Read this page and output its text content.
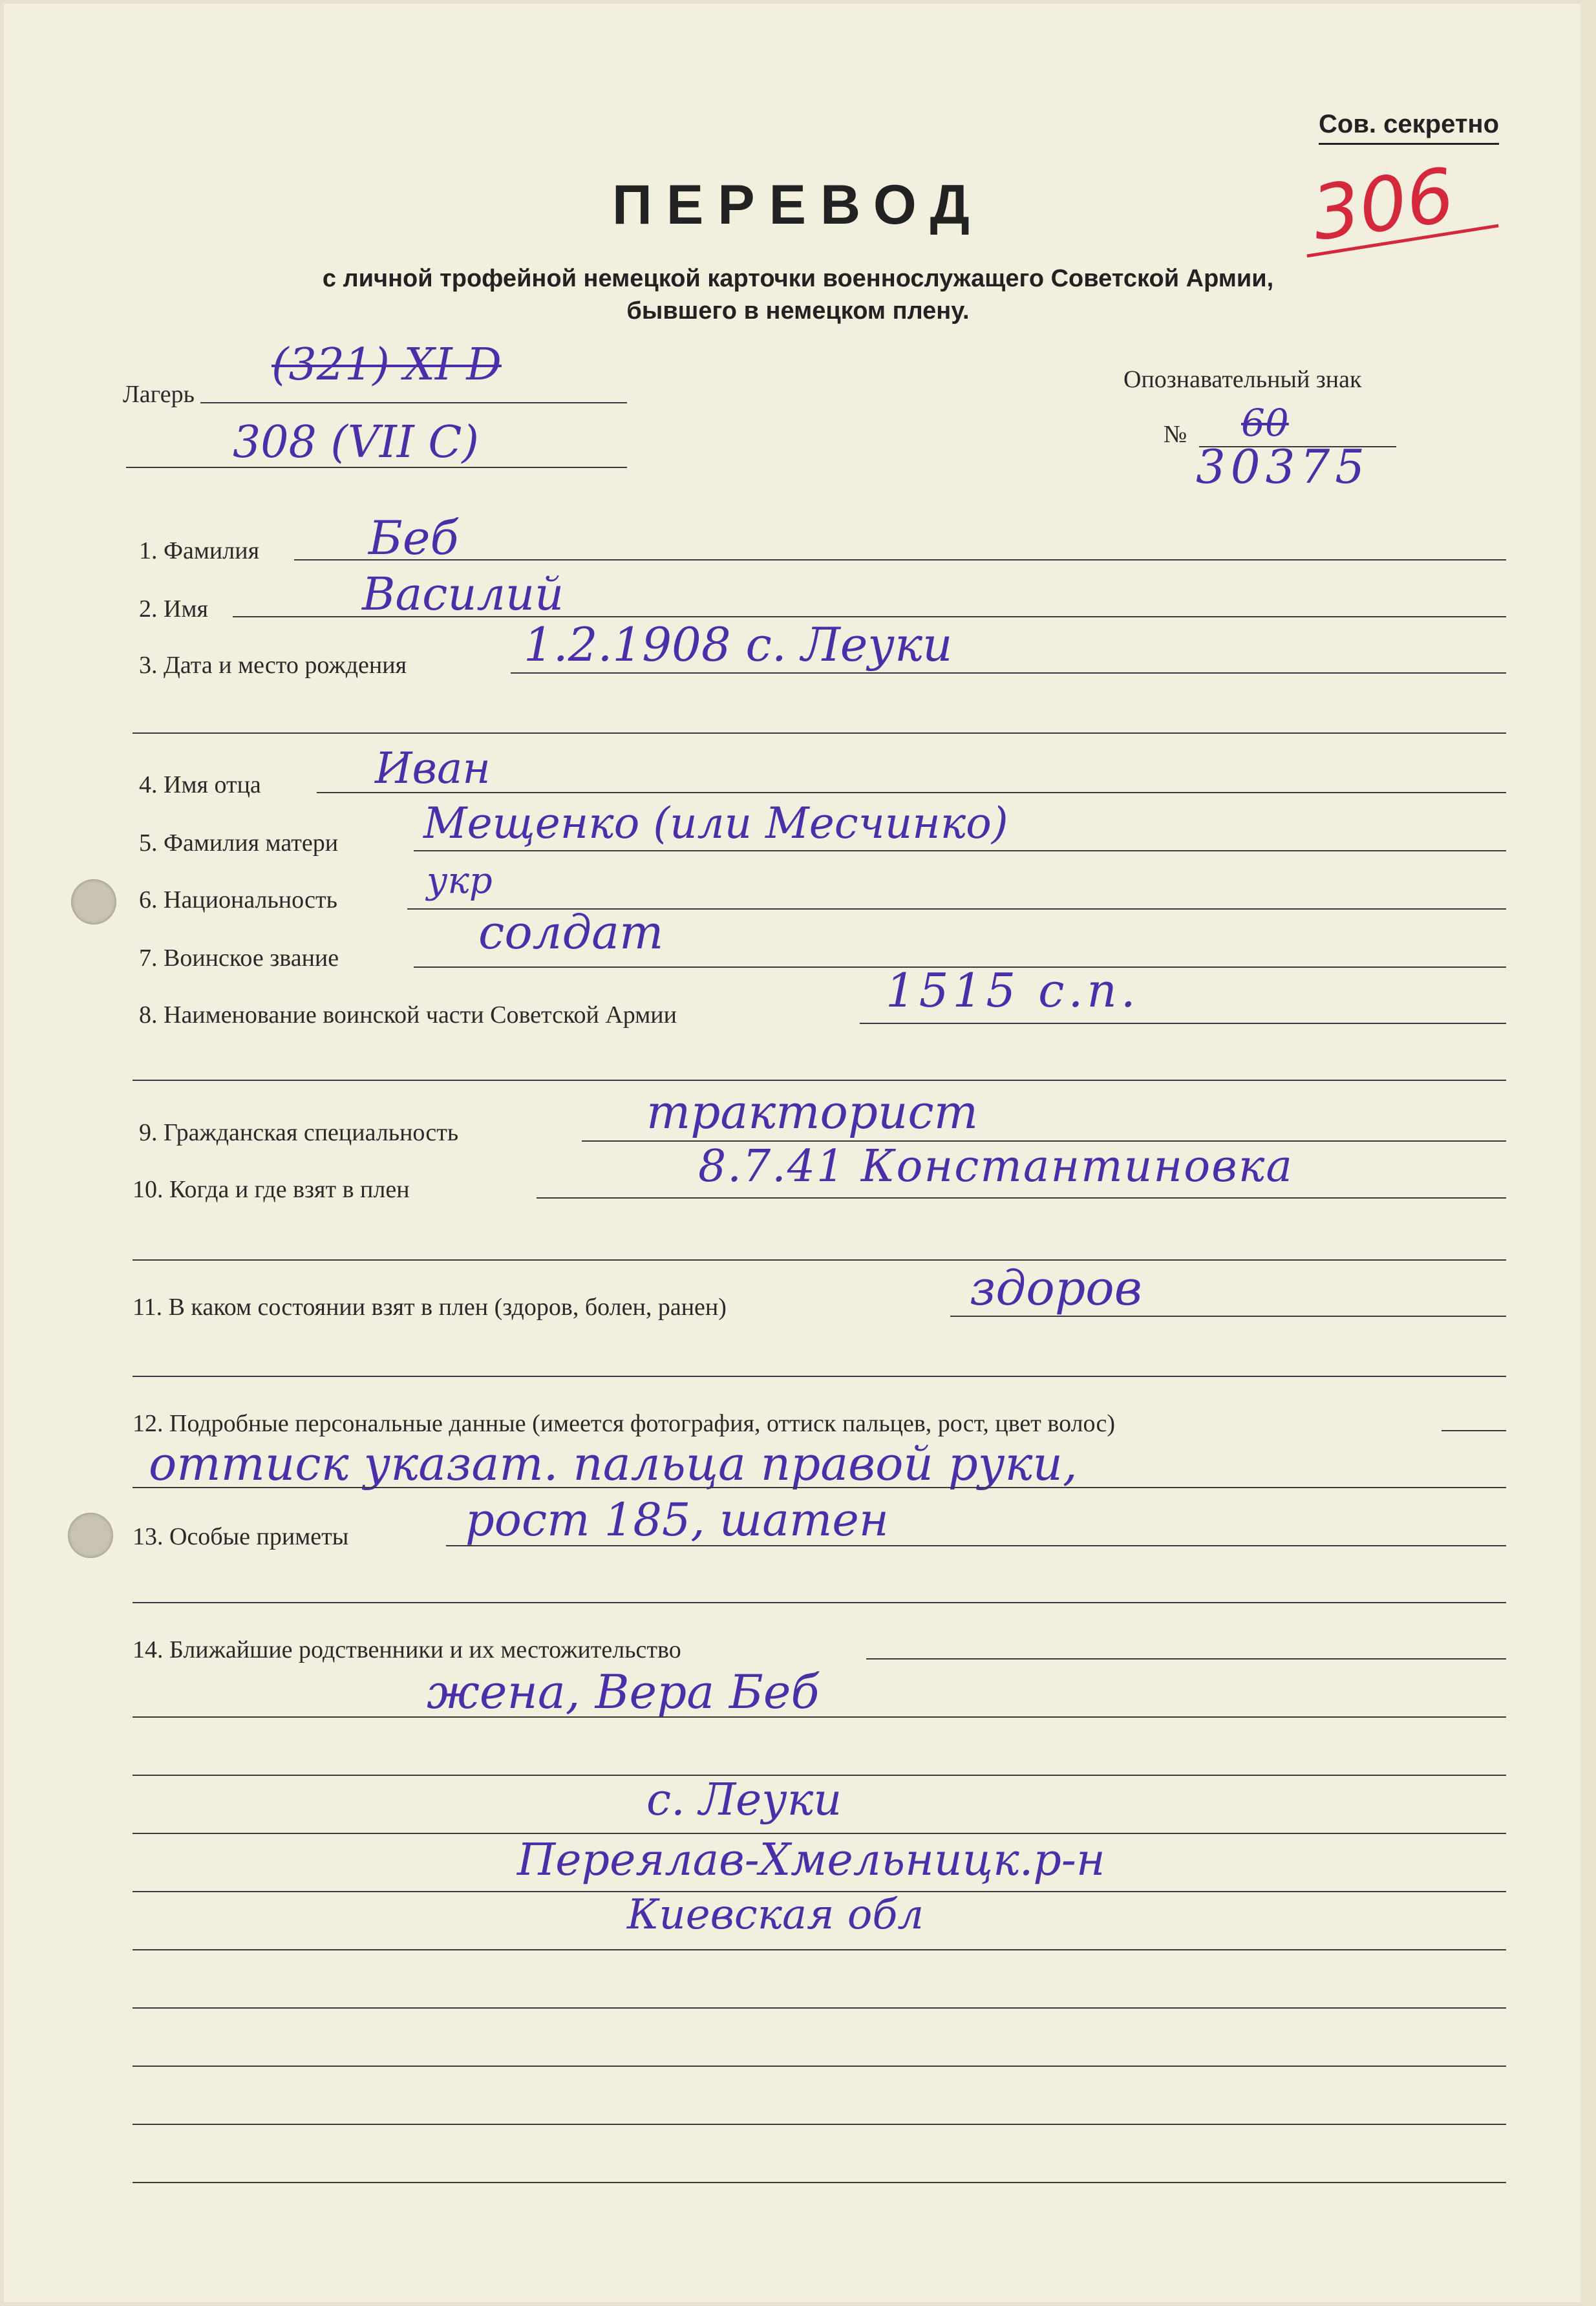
Сов. секретно
306
ПЕРЕВОД
с личной трофейной немецкой карточки военнослужащего Советской Армии,
бывшего в немецком плену.
Лагерь
(321) XI D
308 (VII C)
Опознавательный знак
№ 60
30375
1. Фамилия Беб
2. Имя	Василий
3. Дата и место рождения	1.2.1908 с. Леуки
4. Имя отца	Иван
5. Фамилия матери Мещенко (или Месчинко)
6. Национальность укр
7. Воинское звание	солдат
8. Наименование воинской части Советской Армии	1515 с.п.
9. Гражданская специальность	тракторист
10. Когда и где взят в плен	8.7.41 Константиновка
11. В каком состоянии взят в плен (здоров, болен, ранен)	здоров
12. Подробные персональные данные (имеется фотография, оттиск пальцев, рост, цвет волос)
оттиск указат. пальца правой руки,
13. Особые приметы	рост 185, шатен
14. Ближайшие родственники и их местожительство
жена, Вера Беб
с. Леуки
Переялав-Хмельницк.р-н
Киевская обл
